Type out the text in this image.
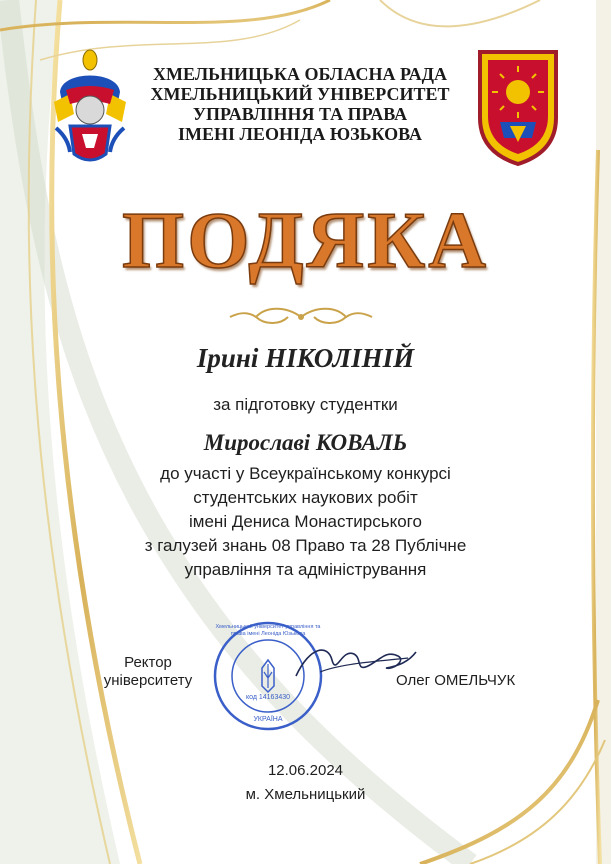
ХМЕЛЬНИЦЬКА ОБЛАСНА РАДА
ХМЕЛЬНИЦЬКИЙ УНІВЕРСИТЕТ
УПРАВЛІННЯ ТА ПРАВА
ІМЕНІ ЛЕОНІДА ЮЗЬКОВА
ПОДЯКА
Ірині НІКОЛІНІЙ
за підготовку студентки
Мирославі КОВАЛЬ
до участі у Всеукраїнському конкурсі
студентських наукових робіт
імені Дениса Монастирського
з галузей знань 08 Право та 28 Публічне
управління та адміністрування
Ректор
університету
код 14163430
УКРАЇНА
Хмельницький університет управління та права імені Леоніда Юзькова
Олег ОМЕЛЬЧУК
12.06.2024
м. Хмельницький
